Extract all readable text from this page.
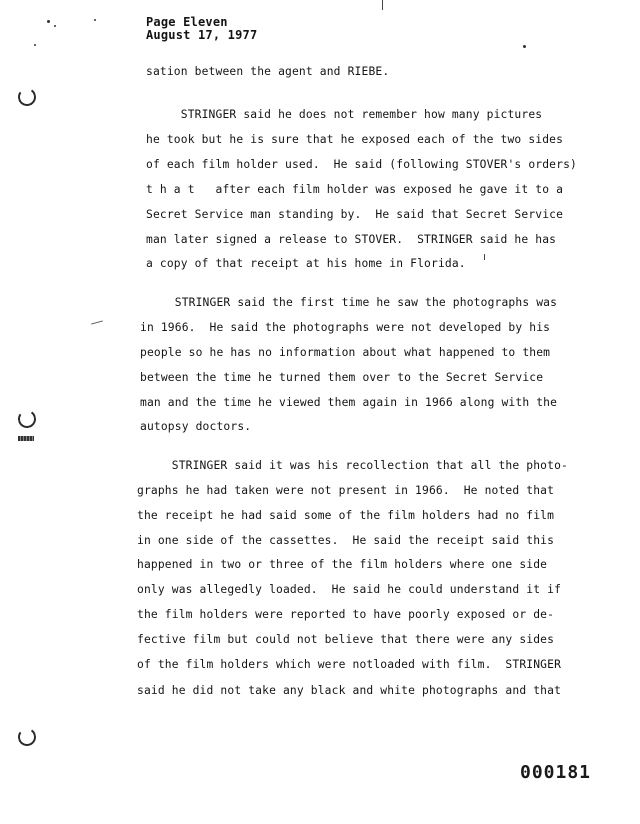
Page Eleven
August 17, 1977
sation between the agent and RIEBE.
STRINGER said he does not remember how many pictures
he took but he is sure that he exposed each of the two sides
of each film holder used.  He said (following STOVER's orders)
t h a t   after each film holder was exposed he gave it to a
Secret Service man standing by.  He said that Secret Service
man later signed a release to STOVER.  STRINGER said he has
a copy of that receipt at his home in Florida.
STRINGER said the first time he saw the photographs was
in 1966.  He said the photographs were not developed by his
people so he has no information about what happened to them
between the time he turned them over to the Secret Service
man and the time he viewed them again in 1966 along with the
autopsy doctors.
STRINGER said it was his recollection that all the photo-
graphs he had taken were not present in 1966.  He noted that
the receipt he had said some of the film holders had no film
in one side of the cassettes.  He said the receipt said this
happened in two or three of the film holders where one side
only was allegedly loaded.  He said he could understand it if
the film holders were reported to have poorly exposed or de-
fective film but could not believe that there were any sides
of the film holders which were notloaded with film.  STRINGER
said he did not take any black and white photographs and that
000181
